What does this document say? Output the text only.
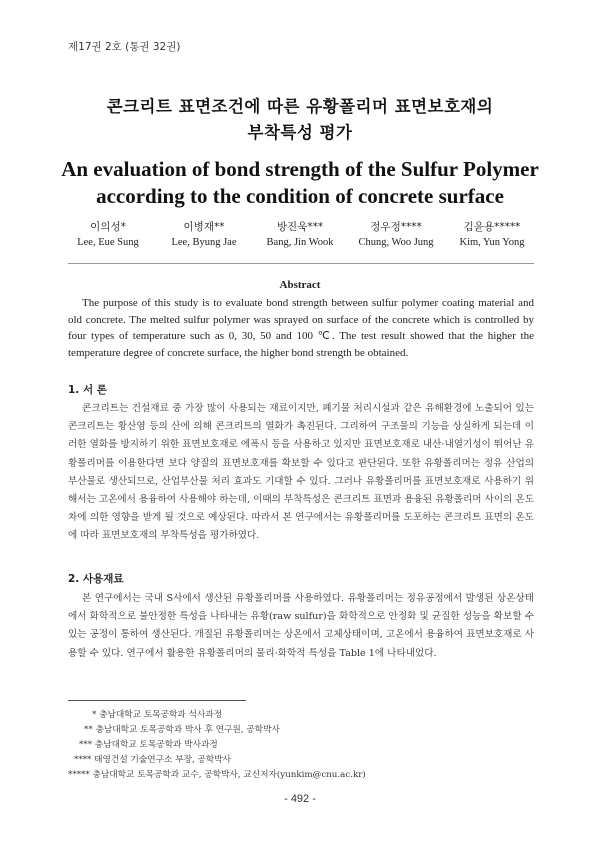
제17권 2호 (통권 32권)
콘크리트 표면조건에 따른 유황폴리머 표면보호재의
부착특성 평가
An evaluation of bond strength of the Sulfur Polymer
according to the condition of concrete surface
이의성*
Lee, Eue Sung
이병재**
Lee, Byung Jae
방진욱***
Bang, Jin Wook
정우정****
Chung, Woo Jung
김윤용*****
Kim, Yun Yong
Abstract
The purpose of this study is to evaluate bond strength between sulfur polymer coating material and old concrete. The melted sulfur polymer was sprayed on surface of the concrete which is controlled by four types of temperature such as 0, 30, 50 and 100 ℃. The test result showed that the higher the temperature degree of concrete surface, the higher bond strength be obtained.
1. 서 론
콘크리트는 건설재료 중 가장 많이 사용되는 재료이지만, 폐기물 처리시설과 같은 유해환경에 노출되어 있는 콘크리트는 황산염 등의 산에 의해 콘크리트의 열화가 촉진된다. 그리하여 구조물의 기능을 상실하게 되는데 이러한 열화를 방지하기 위한 표면보호재로 에폭시 등을 사용하고 있지만 표면보호재로 내산·내열기성이 뛰어난 유황폴리머를 이용한다면 보다 양질의 표면보호재를 확보할 수 있다고 판단된다. 또한 유황폴리머는 정유 산업의 부산물로 생산되므로, 산업부산물 처리 효과도 기대할 수 있다. 그러나 유황폴리머를 표면보호재로 사용하기 위해서는 고온에서 용융하여 사용해야 하는데, 이때의 부착특성은 콘크리트 표면과 용융된 유황폴리머 사이의 온도차에 의한 영향을 받게 될 것으로 예상된다. 따라서 본 연구에서는 유황폴리머를 도포하는 콘크리트 표면의 온도에 따라 표면보호재의 부착특성을 평가하였다.
2. 사용재료
본 연구에서는 국내 S사에서 생산된 유황폴리머를 사용하였다. 유황폴리머는 정유공정에서 발생된 상온상태에서 화학적으로 불안정한 특성을 나타내는 유황(raw sulfur)을 화학적으로 안정화 및 균질한 성능을 확보할 수 있는 공정이 통하여 생산된다. 개질된 유황폴리머는 상온에서 고체상태이며, 고온에서 용융하여 표면보호재로 사용할 수 있다. 연구에서 활용한 유황폴리머의 물리·화학적 특성을 Table 1에 나타내었다.
* 충남대학교 토목공학과 석사과정
** 충남대학교 토목공학과 박사 후 연구원, 공학박사
*** 충남대학교 토목공학과 박사과정
**** 태영건설 기술연구소 부장, 공학박사
***** 충남대학교 토목공학과 교수, 공학박사, 교신저자(yunkim@cnu.ac.kr)
- 492 -
